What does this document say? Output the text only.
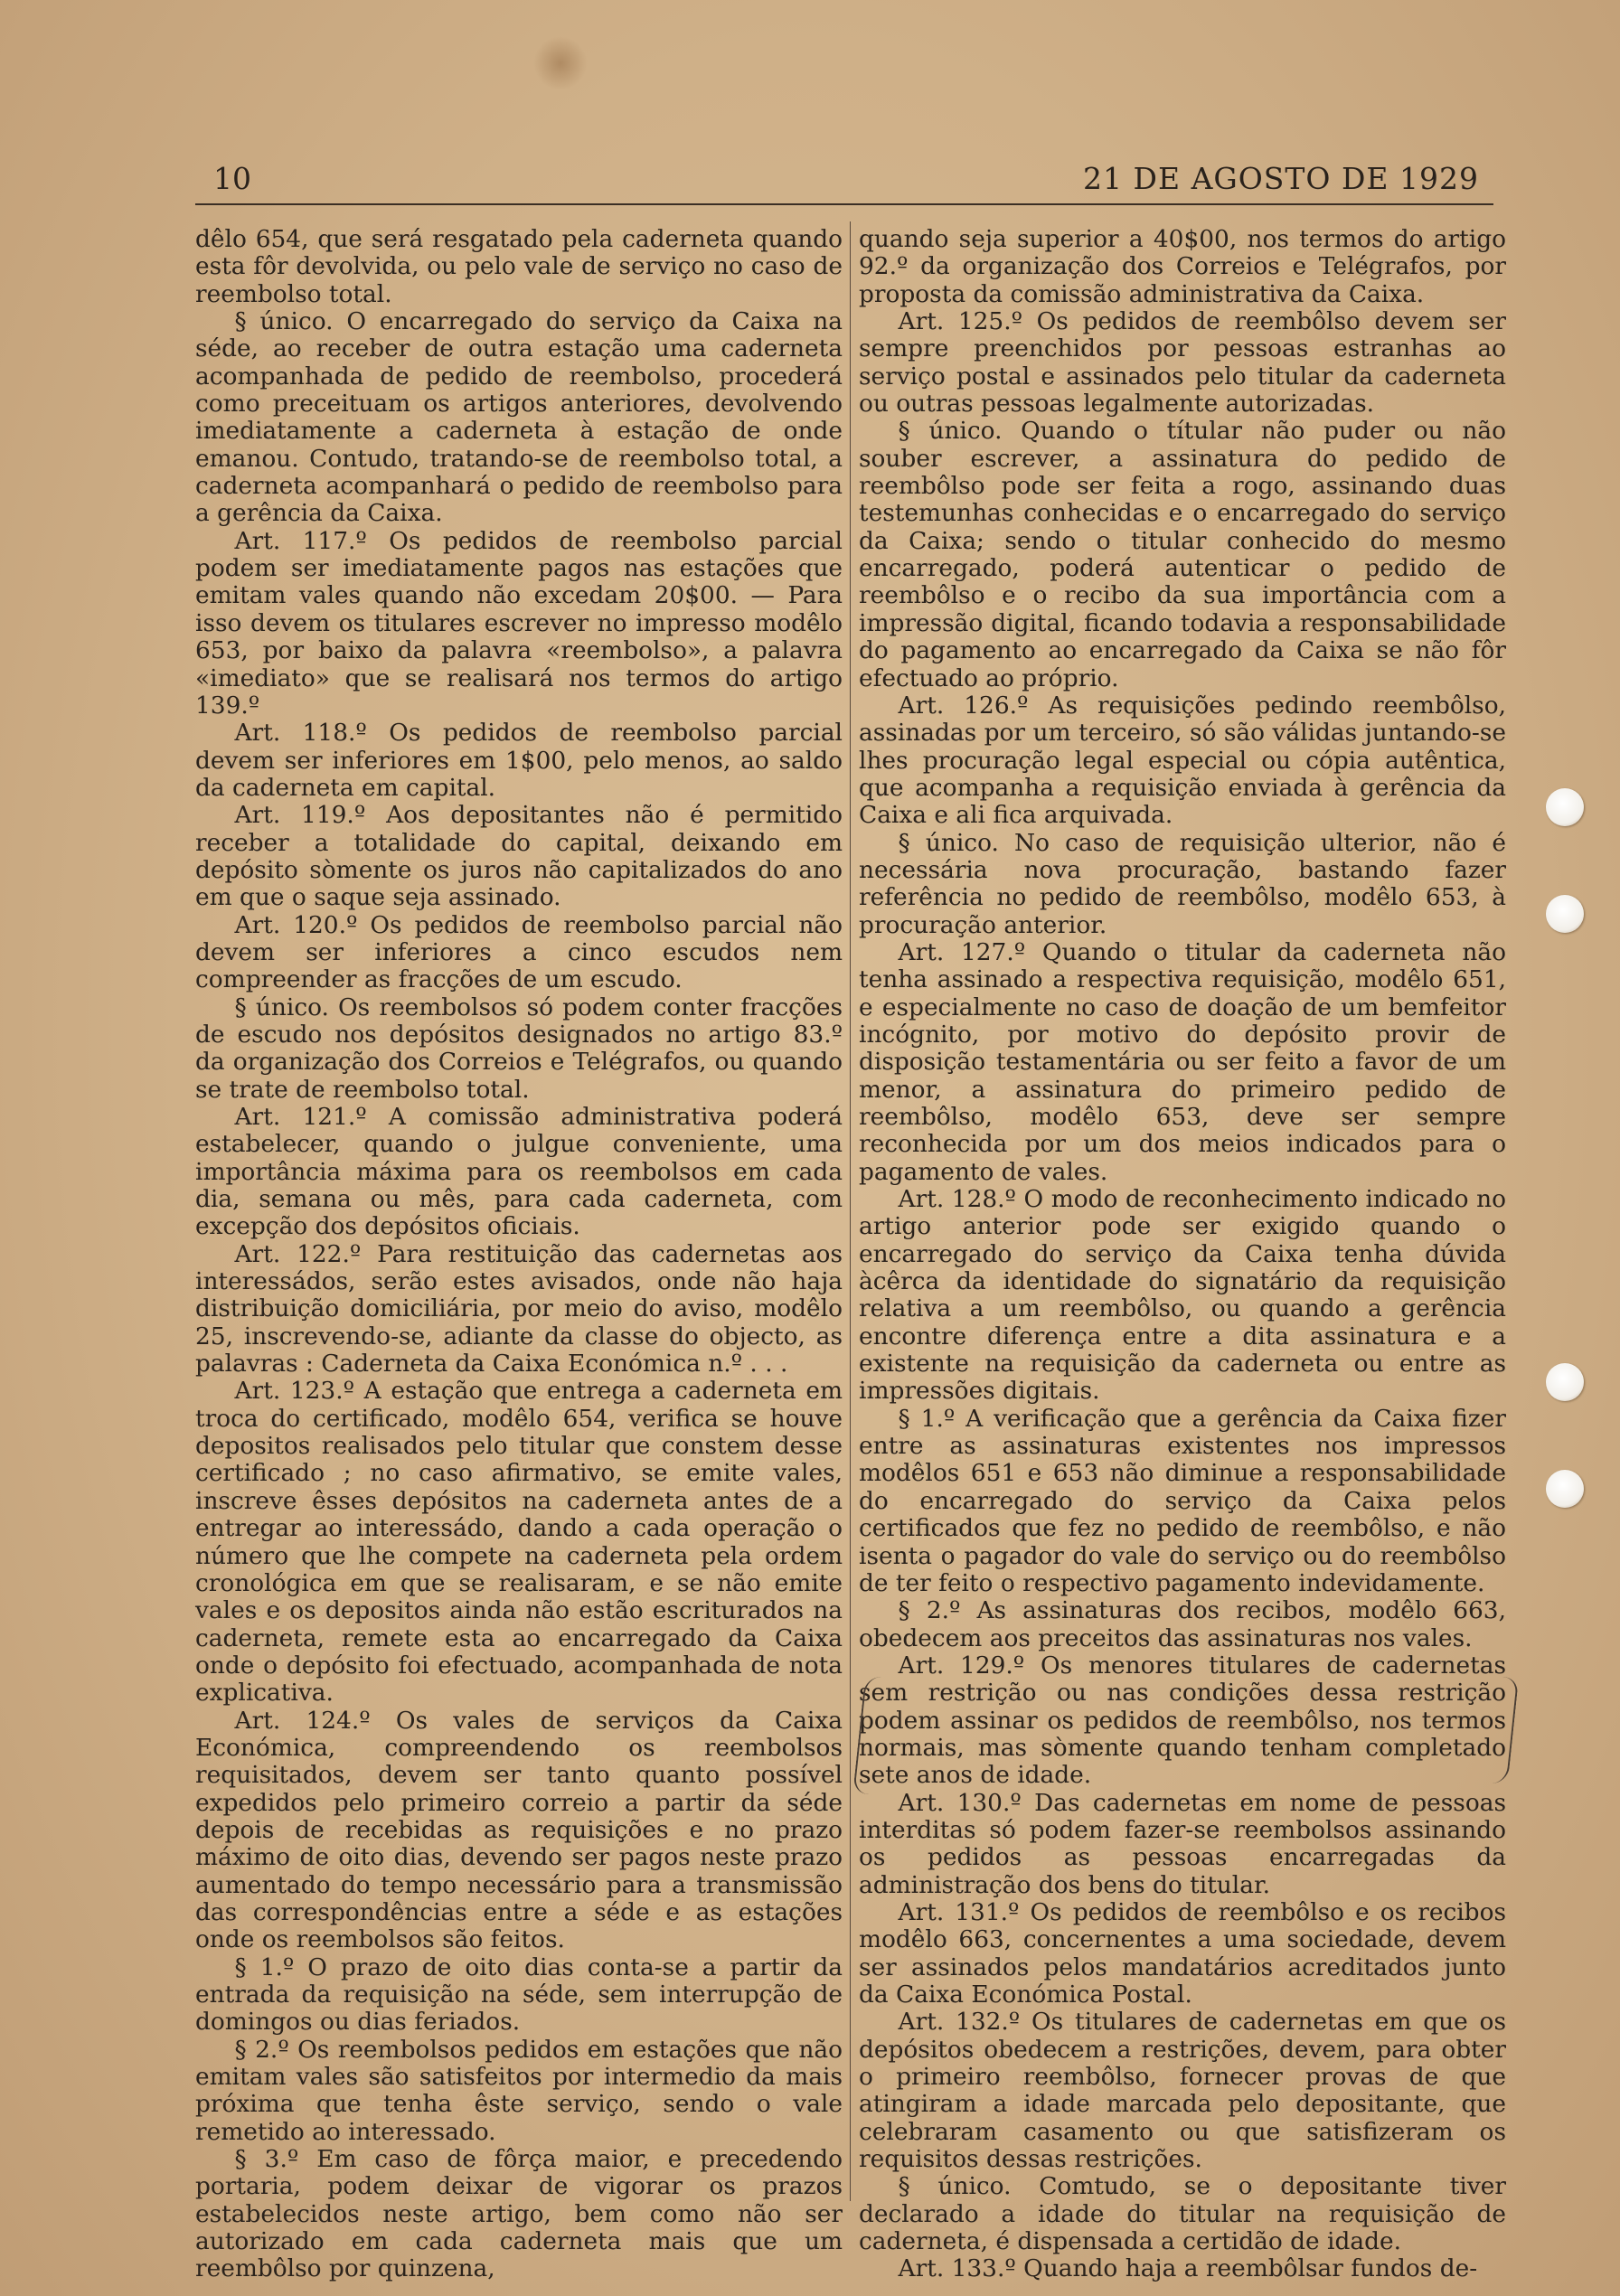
10	21 DE AGOSTO DE 1929

dêlo 654, que será resgatado pela caderneta quando esta fôr devolvida, ou pelo vale de serviço no caso de reembolso total.

§ único. O encarregado do serviço da Caixa na séde, ao receber de outra estação uma caderneta acompanhada de pedido de reembolso, procederá como preceituam os artigos anteriores, devolvendo imediatamente a caderneta à estação de onde emanou. Contudo, tratando-se de reembolso total, a caderneta acompanhará o pedido de reembolso para a gerência da Caixa.

Art. 117.º Os pedidos de reembolso parcial podem ser imediatamente pagos nas estações que emitam vales quando não excedam 20$00. — Para isso devem os titulares escrever no impresso modêlo 653, por baixo da palavra «reembolso», a palavra «imediato» que se realisará nos termos do artigo 139.º

Art. 118.º Os pedidos de reembolso parcial devem ser inferiores em 1$00, pelo menos, ao saldo da caderneta em capital.

Art. 119.º Aos depositantes não é permitido receber a totalidade do capital, deixando em depósito sòmente os juros não capitalizados do ano em que o saque seja assinado.

Art. 120.º Os pedidos de reembolso parcial não devem ser inferiores a cinco escudos nem compreender as fracções de um escudo.

§ único. Os reembolsos só podem conter fracções de escudo nos depósitos designados no artigo 83.º da organização dos Correios e Telégrafos, ou quando se trate de reembolso total.

Art. 121.º A comissão administrativa poderá estabelecer, quando o julgue conveniente, uma importância máxima para os reembolsos em cada dia, semana ou mês, para cada caderneta, com excepção dos depósitos oficiais.

Art. 122.º Para restituição das cadernetas aos interessádos, serão estes avisados, onde não haja distribuição domiciliária, por meio do aviso, modêlo 25, inscrevendo-se, adiante da classe do objecto, as palavras : Caderneta da Caixa Económica n.º . . .

Art. 123.º A estação que entrega a caderneta em troca do certificado, modêlo 654, verifica se houve depositos realisados pelo titular que constem desse certificado ; no caso afirmativo, se emite vales, inscreve êsses depósitos na caderneta antes de a entregar ao interessádo, dando a cada operação o número que lhe compete na caderneta pela ordem cronológica em que se realisaram, e se não emite vales e os depositos ainda não estão escriturados na caderneta, remete esta ao encarregado da Caixa onde o depósito foi efectuado, acompanhada de nota explicativa.

Art. 124.º Os vales de serviços da Caixa Económica, compreendendo os reembolsos requisitados, devem ser tanto quanto possível expedidos pelo primeiro correio a partir da séde depois de recebidas as requisições e no prazo máximo de oito dias, devendo ser pagos neste prazo aumentado do tempo necessário para a transmissão das correspondências entre a séde e as estações onde os reembolsos são feitos.

§ 1.º O prazo de oito dias conta-se a partir da entrada da requisição na séde, sem interrupção de domingos ou dias feriados.

§ 2.º Os reembolsos pedidos em estações que não emitam vales são satisfeitos por intermedio da mais próxima que tenha êste serviço, sendo o vale remetido ao interessado.

§ 3.º Em caso de fôrça maior, e precedendo portaria, podem deixar de vigorar os prazos estabelecidos neste artigo, bem como não ser autorizado em cada caderneta mais que um reembôlso por quinzena,

quando seja superior a 40$00, nos termos do artigo 92.º da organização dos Correios e Telégrafos, por proposta da comissão administrativa da Caixa.

Art. 125.º Os pedidos de reembôlso devem ser sempre preenchidos por pessoas estranhas ao serviço postal e assinados pelo titular da caderneta ou outras pessoas legalmente autorizadas.

§ único. Quando o títular não puder ou não souber escrever, a assinatura do pedido de reembôlso pode ser feita a rogo, assinando duas testemunhas conhecidas e o encarregado do serviço da Caixa; sendo o titular conhecido do mesmo encarregado, poderá autenticar o pedido de reembôlso e o recibo da sua importância com a impressão digital, ficando todavia a responsabilidade do pagamento ao encarregado da Caixa se não fôr efectuado ao próprio.

Art. 126.º As requisições pedindo reembôlso, assinadas por um terceiro, só são válidas juntando-se lhes procuração legal especial ou cópia autêntica, que acompanha a requisição enviada à gerência da Caixa e ali fica arquivada.

§ único. No caso de requisição ulterior, não é necessária nova procuração, bastando fazer referência no pedido de reembôlso, modêlo 653, à procuração anterior.

Art. 127.º Quando o titular da caderneta não tenha assinado a respectiva requisição, modêlo 651, e especialmente no caso de doação de um bemfeitor incógnito, por motivo do depósito provir de disposição testamentária ou ser feito a favor de um menor, a assinatura do primeiro pedido de reembôlso, modêlo 653, deve ser sempre reconhecida por um dos meios indicados para o pagamento de vales.

Art. 128.º O modo de reconhecimento indicado no artigo anterior pode ser exigido quando o encarregado do serviço da Caixa tenha dúvida àcêrca da identidade do signatário da requisição relativa a um reembôlso, ou quando a gerência encontre diferença entre a dita assinatura e a existente na requisição da caderneta ou entre as impressões digitais.

§ 1.º A verificação que a gerência da Caixa fizer entre as assinaturas existentes nos impressos modêlos 651 e 653 não diminue a responsabilidade do encarregado do serviço da Caixa pelos certificados que fez no pedido de reembôlso, e não isenta o pagador do vale do serviço ou do reembôlso de ter feito o respectivo pagamento indevidamente.

§ 2.º As assinaturas dos recibos, modêlo 663, obedecem aos preceitos das assinaturas nos vales.

Art. 129.º Os menores titulares de cadernetas sem restrição ou nas condições dessa restrição podem assinar os pedidos de reembôlso, nos termos normais, mas sòmente quando tenham completado sete anos de idade.

Art. 130.º Das cadernetas em nome de pessoas interditas só podem fazer-se reembolsos assinando os pedidos as pessoas encarregadas da administração dos bens do titular.

Art. 131.º Os pedidos de reembôlso e os recibos modêlo 663, concernentes a uma sociedade, devem ser assinados pelos mandatários acreditados junto da Caixa Económica Postal.

Art. 132.º Os titulares de cadernetas em que os depósitos obedecem a restrições, devem, para obter o primeiro reembôlso, fornecer provas de que atingiram a idade marcada pelo depositante, que celebraram casamento ou que satisfizeram os requisitos dessas restrições.

§ único. Comtudo, se o depositante tiver declarado a idade do titular na requisição de caderneta, é dispensada a certidão de idade.

Art. 133.º Quando haja a reembôlsar fundos de-
